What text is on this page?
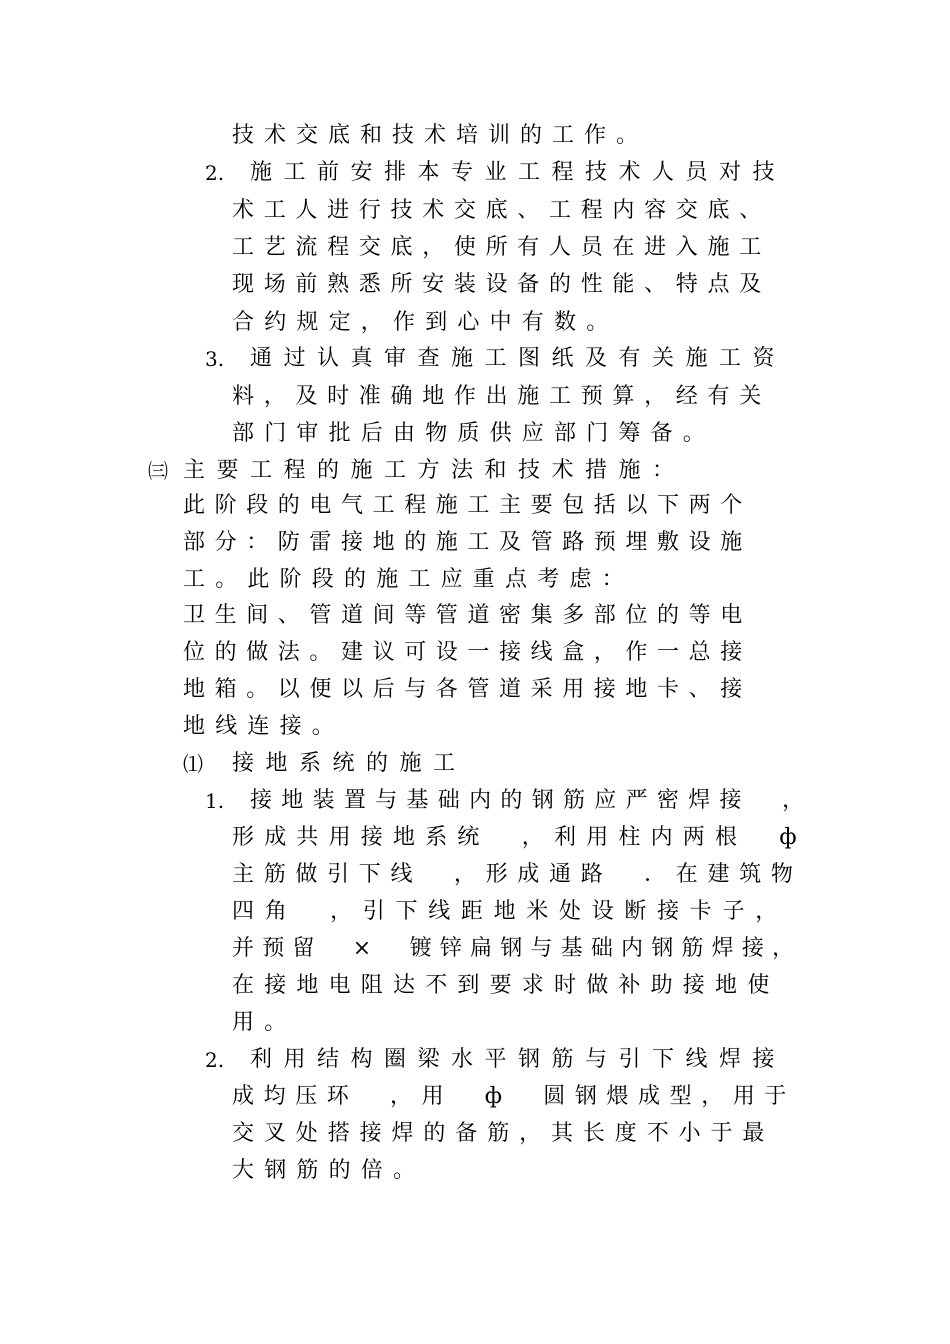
技术交底和技术培训的工作。
2. 施工前安排本专业工程技术人员对技
术工人进行技术交底、工程内容交底、
工艺流程交底，使所有人员在进入施工
现场前熟悉所安装设备的性能、特点及
合约规定，作到心中有数。
3. 通过认真审查施工图纸及有关施工资
料，及时准确地作出施工预算，经有关
部门审批后由物质供应部门筹备。
㈢ 主要工程的施工方法和技术措施：
此阶段的电气工程施工主要包括以下两个
部分：防雷接地的施工及管路预埋敷设施
工。此阶段的施工应重点考虑：
卫生间、管道间等管道密集多部位的等电
位的做法。建议可设一接线盒，作一总接
地箱。以便以后与各管道采用接地卡、接
地线连接。
⑴ 接地系统的施工
1. 接地装置与基础内的钢筋应严密焊接　，
形成共用接地系统　，利用柱内两根　ф
主筋做引下线　，形成通路　．在建筑物
四角　，引下线距地米处设断接卡子，
并预留　×　镀锌扁钢与基础内钢筋焊接，
在接地电阻达不到要求时做补助接地使
用。
2. 利用结构圈梁水平钢筋与引下线焊接
成均压环　，用　ф　圆钢煨成型，用于
交叉处搭接焊的备筋，其长度不小于最
大钢筋的倍。
